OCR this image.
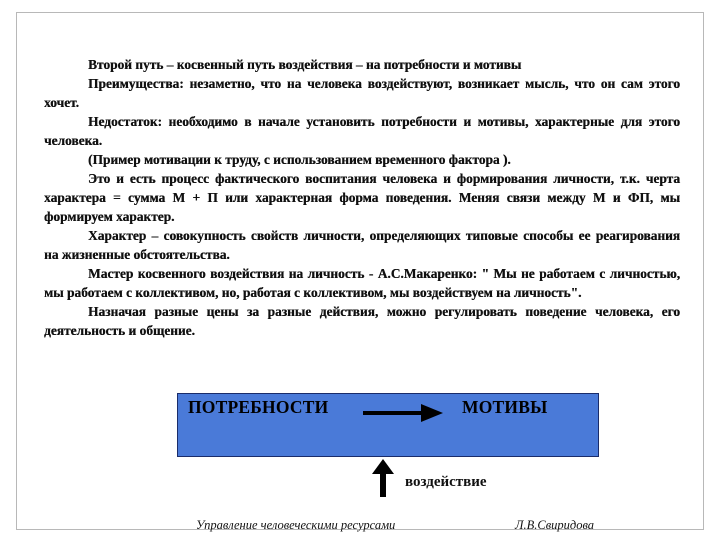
Второй путь – косвенный путь воздействия – на потребности и мотивы

Преимущества: незаметно, что на человека воздействуют, возникает мысль, что он сам этого хочет.

Недостаток: необходимо в начале установить потребности и мотивы, характерные для этого человека.

(Пример мотивации к труду, с использованием временного фактора ).

Это и есть процесс фактического воспитания человека и формирования личности, т.к. черта характера = сумма М + П или характерная форма поведения. Меняя связи между М и ФП, мы формируем характер.

Характер – совокупность свойств личности, определяющих типовые способы ее реагирования на жизненные обстоятельства.

Мастер косвенного воздействия на личность - А.С.Макаренко: " Мы не работаем с личностью, мы работаем с коллективом, но, работая с коллективом, мы воздействуем на личность".

Назначая разные цены за разные действия, можно регулировать поведение человека, его деятельность и общение.

ПОТРЕБНОСТИ	МОТИВЫ
воздействие
Управление человеческими ресурсами	Л.В.Свиридова
